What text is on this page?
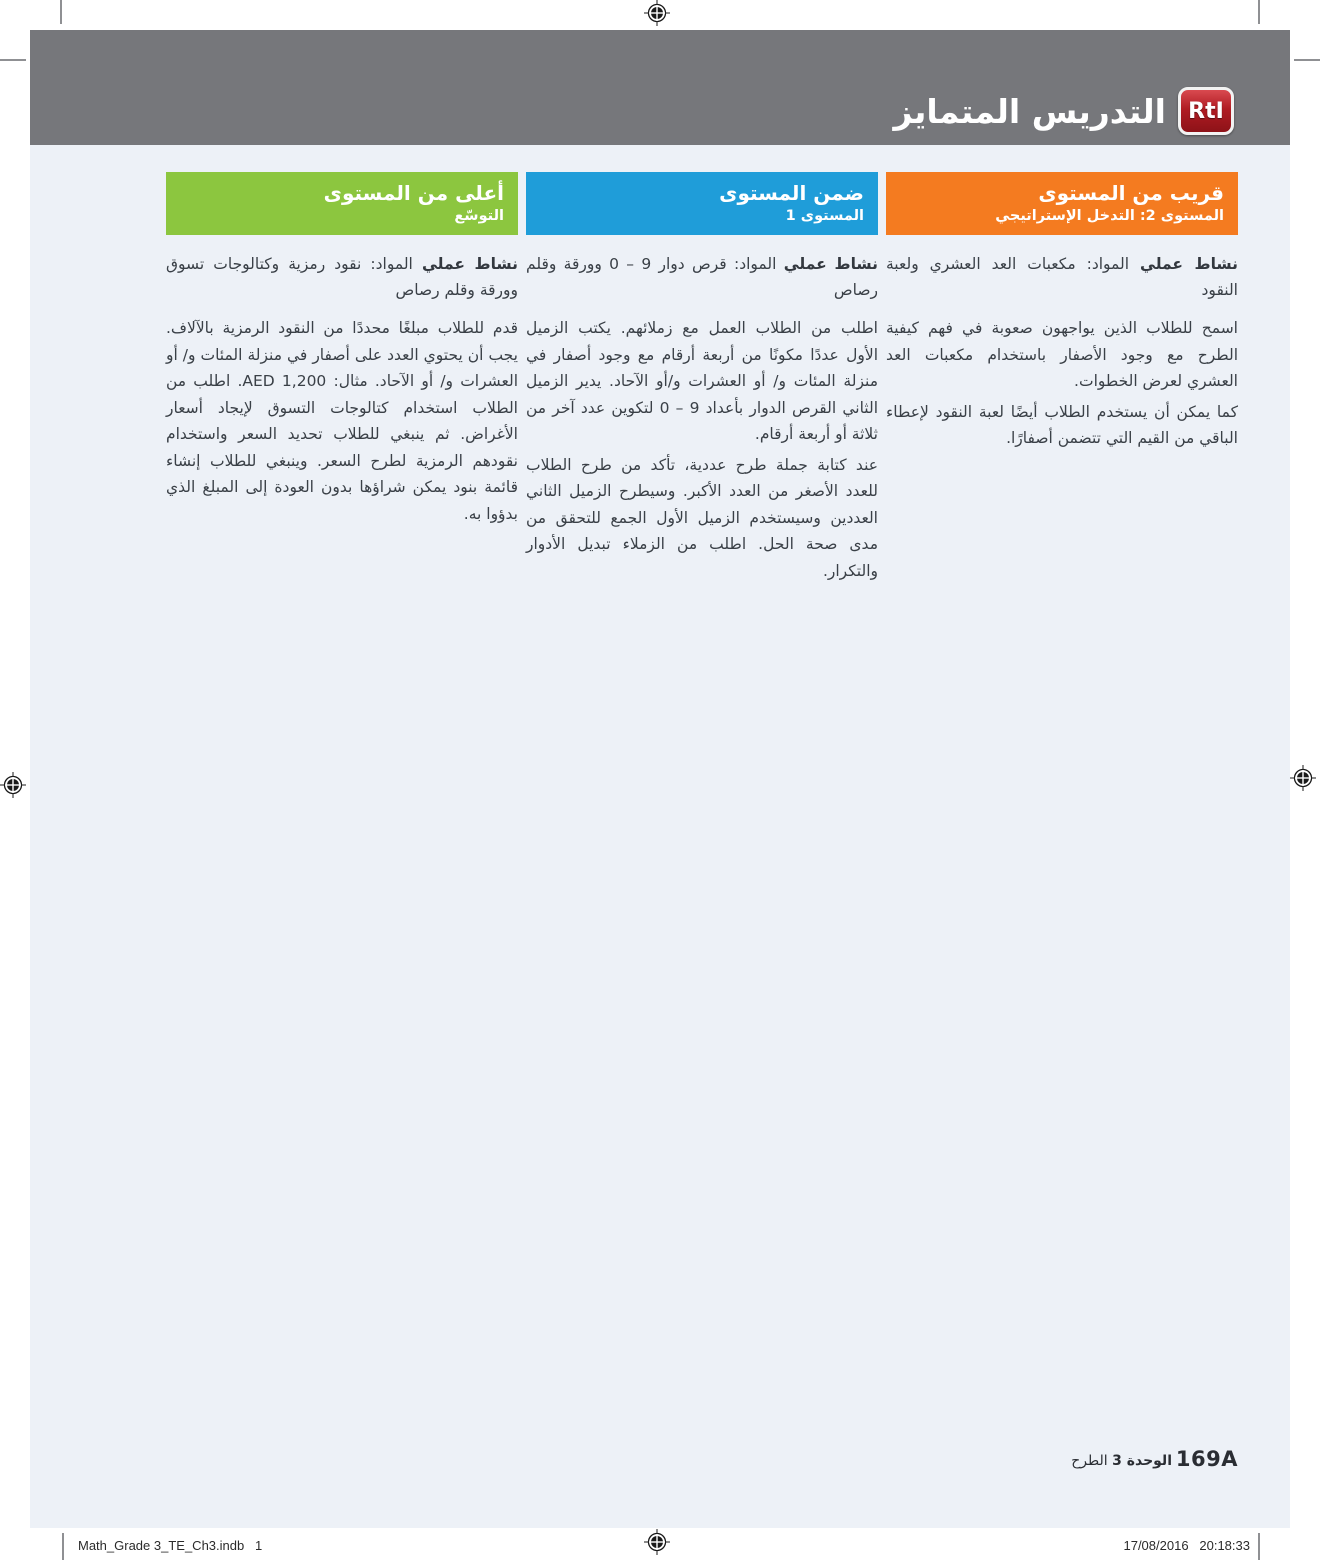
RtI
التدريس المتمايز
قريب من المستوى
المستوى 2: التدخل الإستراتيجي

نشاط عملي المواد: مكعبات العد العشري ولعبة النقود

اسمح للطلاب الذين يواجهون صعوبة في فهم كيفية الطرح مع وجود الأصفار باستخدام مكعبات العد العشري لعرض الخطوات.

كما يمكن أن يستخدم الطلاب أيضًا لعبة النقود لإعطاء الباقي من القيم التي تتضمن أصفارًا.

ضمن المستوى
المستوى 1

نشاط عملي المواد: قرص دوار 9 – 0 وورقة وقلم رصاص

اطلب من الطلاب العمل مع زملائهم. يكتب الزميل الأول عددًا مكونًا من أربعة أرقام مع وجود أصفار في منزلة المئات و/ أو العشرات و/أو الآحاد. يدير الزميل الثاني القرص الدوار بأعداد 9 – 0 لتكوين عدد آخر من ثلاثة أو أربعة أرقام.

عند كتابة جملة طرح عددية، تأكد من طرح الطلاب للعدد الأصغر من العدد الأكبر. وسيطرح الزميل الثاني العددين وسيستخدم الزميل الأول الجمع للتحقق من مدى صحة الحل. اطلب من الزملاء تبديل الأدوار والتكرار.

أعلى من المستوى
التوسّع

نشاط عملي المواد: نقود رمزية وكتالوجات تسوق وورقة وقلم رصاص

قدم للطلاب مبلغًا محددًا من النقود الرمزية بالآلاف. يجب أن يحتوي العدد على أصفار في منزلة المئات و/ أو العشرات و/ أو الآحاد. مثال: AED 1,200. اطلب من الطلاب استخدام كتالوجات التسوق لإيجاد أسعار الأغراض. ثم ينبغي للطلاب تحديد السعر واستخدام نقودهم الرمزية لطرح السعر. وينبغي للطلاب إنشاء قائمة بنود يمكن شراؤها بدون العودة إلى المبلغ الذي بدؤوا به.

169A
الوحدة 3 الطرح
Math_Grade 3_TE_Ch3.indb   1	17/08/2016   20:18:33
